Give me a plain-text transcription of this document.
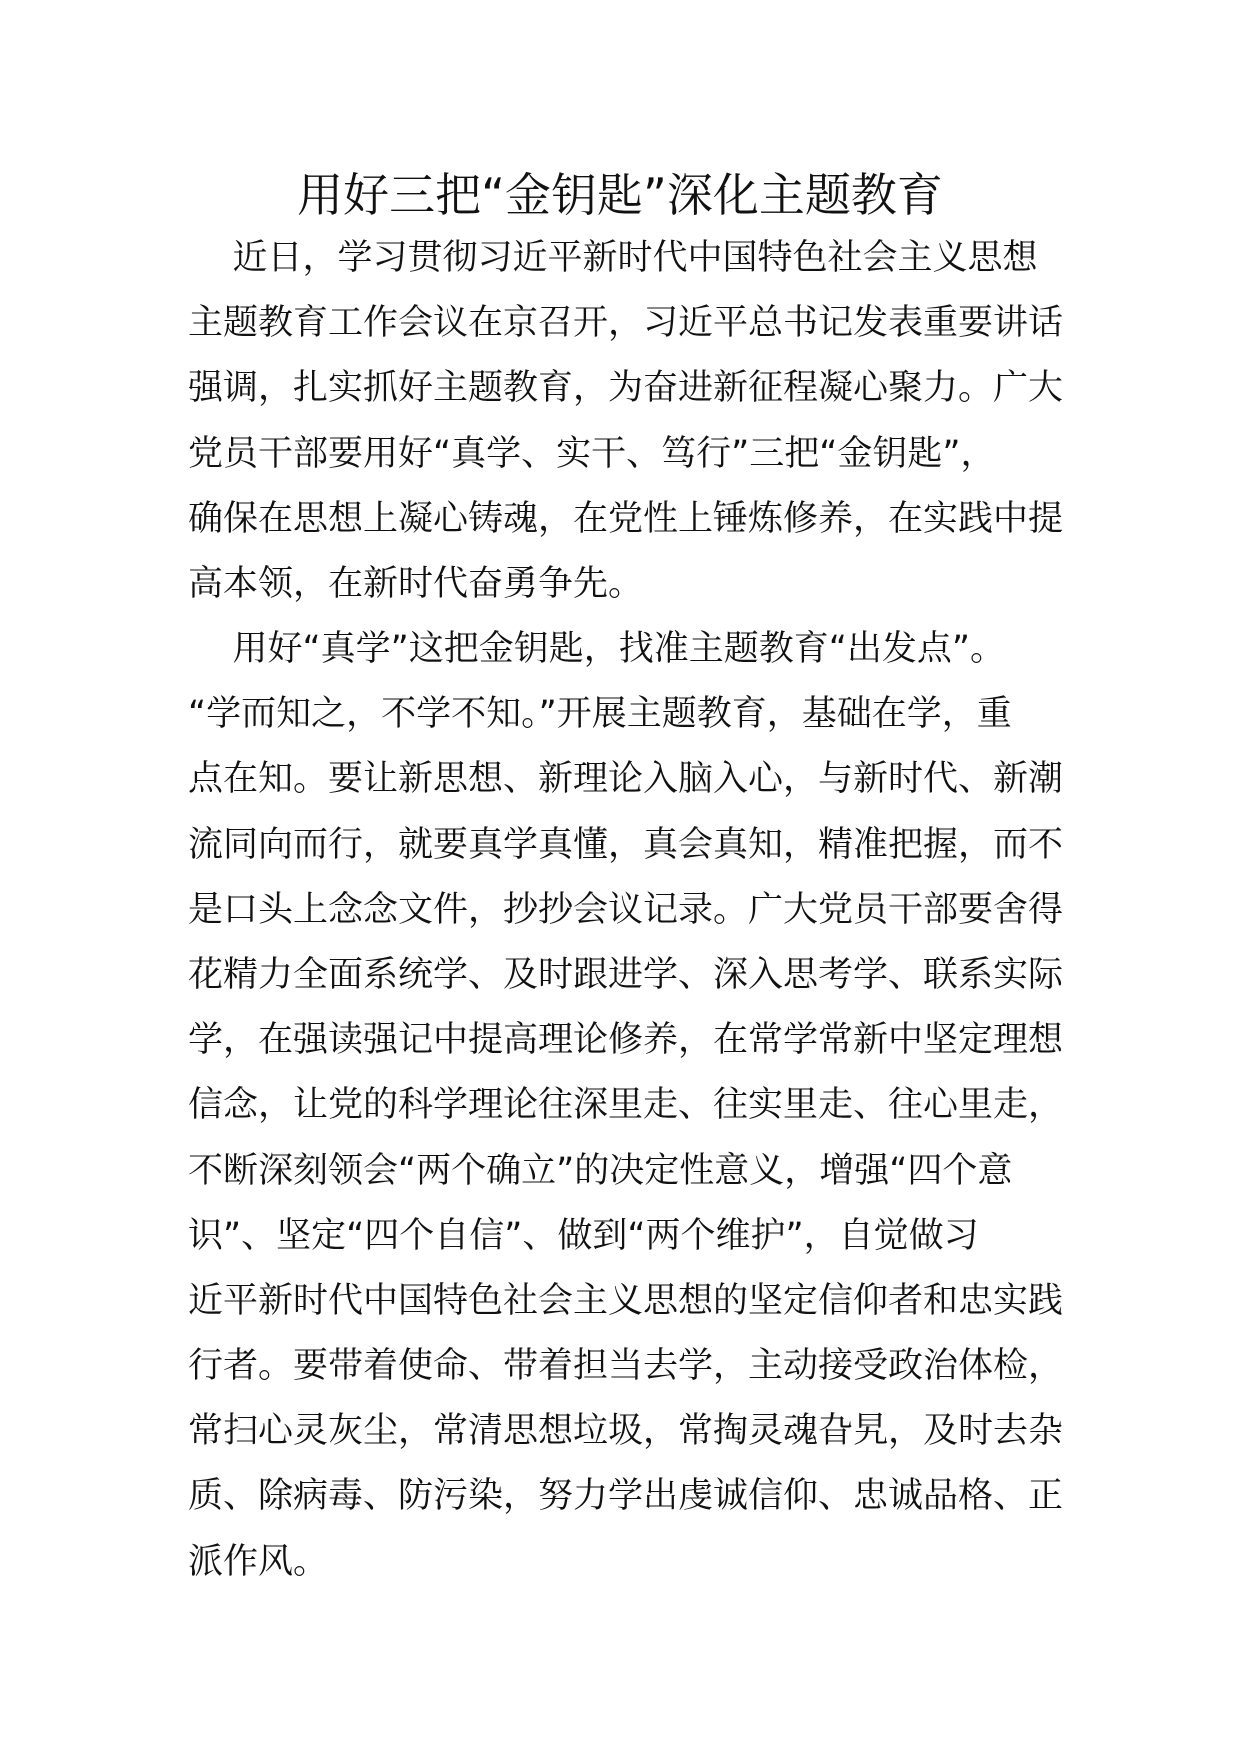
用好三把“金钥匙”深化主题教育
近日，学习贯彻习近平新时代中国特色社会主义思想
主题教育工作会议在京召开，习近平总书记发表重要讲话
强调，扎实抓好主题教育，为奋进新征程凝心聚力。广大
党员干部要用好“真学、实干、笃行”三把“金钥匙”，
确保在思想上凝心铸魂，在党性上锤炼修养，在实践中提
高本领，在新时代奋勇争先。
用好“真学”这把金钥匙，找准主题教育“出发点”。
“学而知之，不学不知。”开展主题教育，基础在学，重
点在知。要让新思想、新理论入脑入心，与新时代、新潮
流同向而行，就要真学真懂，真会真知，精准把握，而不
是口头上念念文件，抄抄会议记录。广大党员干部要舍得
花精力全面系统学、及时跟进学、深入思考学、联系实际
学，在强读强记中提高理论修养，在常学常新中坚定理想
信念，让党的科学理论往深里走、往实里走、往心里走，
不断深刻领会“两个确立”的决定性意义，增强“四个意
识”、坚定“四个自信”、做到“两个维护”，自觉做习
近平新时代中国特色社会主义思想的坚定信仰者和忠实践
行者。要带着使命、带着担当去学，主动接受政治体检，
常扫心灵灰尘，常清思想垃圾，常掏灵魂旮旯，及时去杂
质、除病毒、防污染，努力学出虔诚信仰、忠诚品格、正
派作风。
